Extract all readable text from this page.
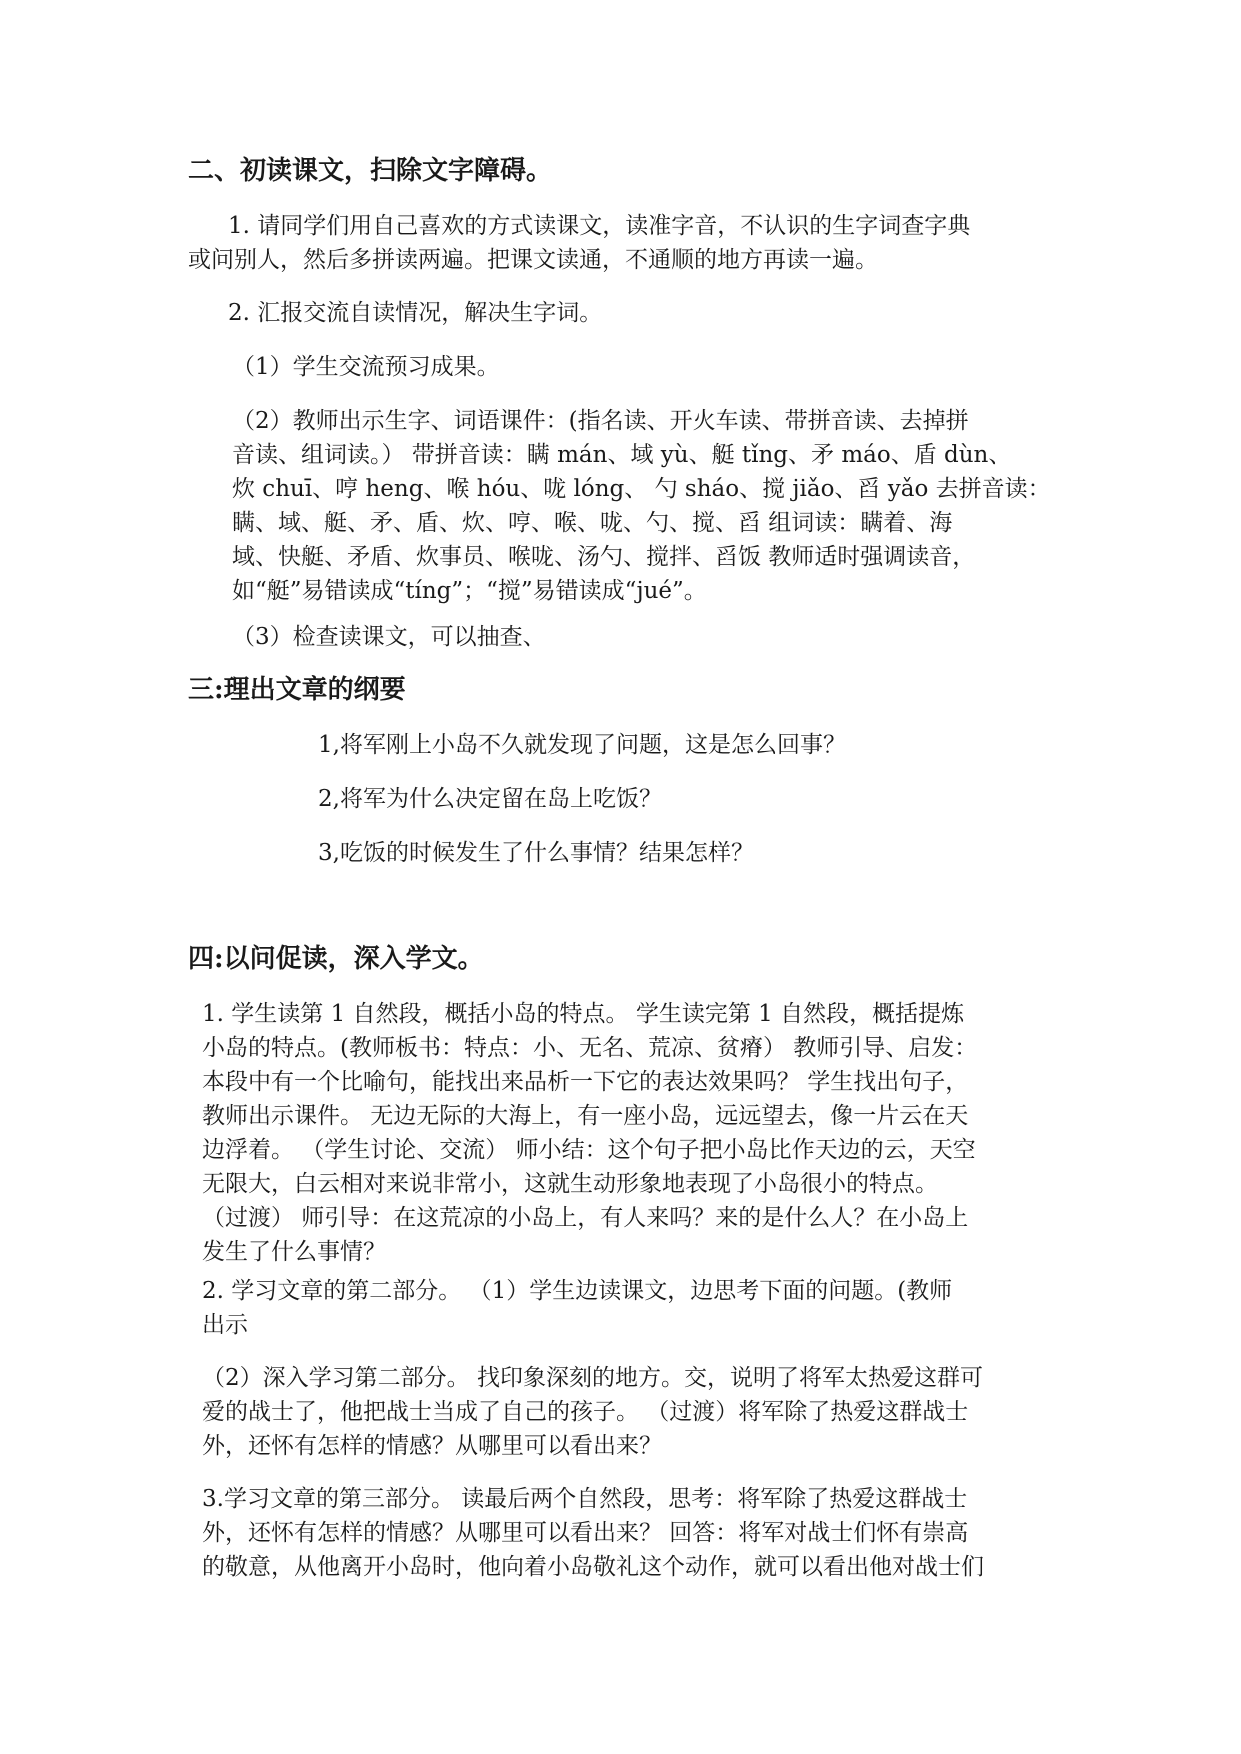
二、初读课文，扫除文字障碍。

1. 请同学们用自己喜欢的方式读课文，读准字音，不认识的生字词查字典
或问别人，然后多拼读两遍。把课文读通，不通顺的地方再读一遍。

2. 汇报交流自读情况，解决生字词。

（1）学生交流预习成果。

（2）教师出示生字、词语课件：(指名读、开火车读、带拼音读、去掉拼
音读、组词读。） 带拼音读：瞒 mán、域 yù、艇 tǐng、矛 máo、盾 dùn、
炊 chuī、哼 heng、喉 hóu、咙 lóng、 勺 sháo、搅 jiǎo、舀 yǎo 去拼音读：
瞒、域、艇、矛、盾、炊、哼、喉、咙、勺、搅、舀 组词读：瞒着、海
域、快艇、矛盾、炊事员、喉咙、汤勺、搅拌、舀饭 教师适时强调读音，
如“艇”易错读成“tíng”；“搅”易错读成“jué”。

（3）检查读课文，可以抽查、

三:理出文章的纲要

1,将军刚上小岛不久就发现了问题，这是怎么回事？

2,将军为什么决定留在岛上吃饭？

3,吃饭的时候发生了什么事情？结果怎样？

四:以问促读，深入学文。

1. 学生读第 1 自然段，概括小岛的特点。 学生读完第 1 自然段，概括提炼
小岛的特点。(教师板书：特点：小、无名、荒凉、贫瘠） 教师引导、启发：
本段中有一个比喻句，能找出来品析一下它的表达效果吗？ 学生找出句子，
教师出示课件。 无边无际的大海上，有一座小岛，远远望去，像一片云在天
边浮着。 （学生讨论、交流） 师小结：这个句子把小岛比作天边的云，天空
无限大，白云相对来说非常小，这就生动形象地表现了小岛很小的特点。
（过渡） 师引导：在这荒凉的小岛上，有人来吗？来的是什么人？在小岛上
发生了什么事情？

2. 学习文章的第二部分。 （1）学生边读课文，边思考下面的问题。(教师
出示

（2）深入学习第二部分。 找印象深刻的地方。交，说明了将军太热爱这群可
爱的战士了，他把战士当成了自己的孩子。 （过渡）将军除了热爱这群战士
外，还怀有怎样的情感？从哪里可以看出来？

3.学习文章的第三部分。 读最后两个自然段，思考：将军除了热爱这群战士
外，还怀有怎样的情感？从哪里可以看出来？ 回答：将军对战士们怀有崇高
的敬意，从他离开小岛时，他向着小岛敬礼这个动作，就可以看出他对战士们
